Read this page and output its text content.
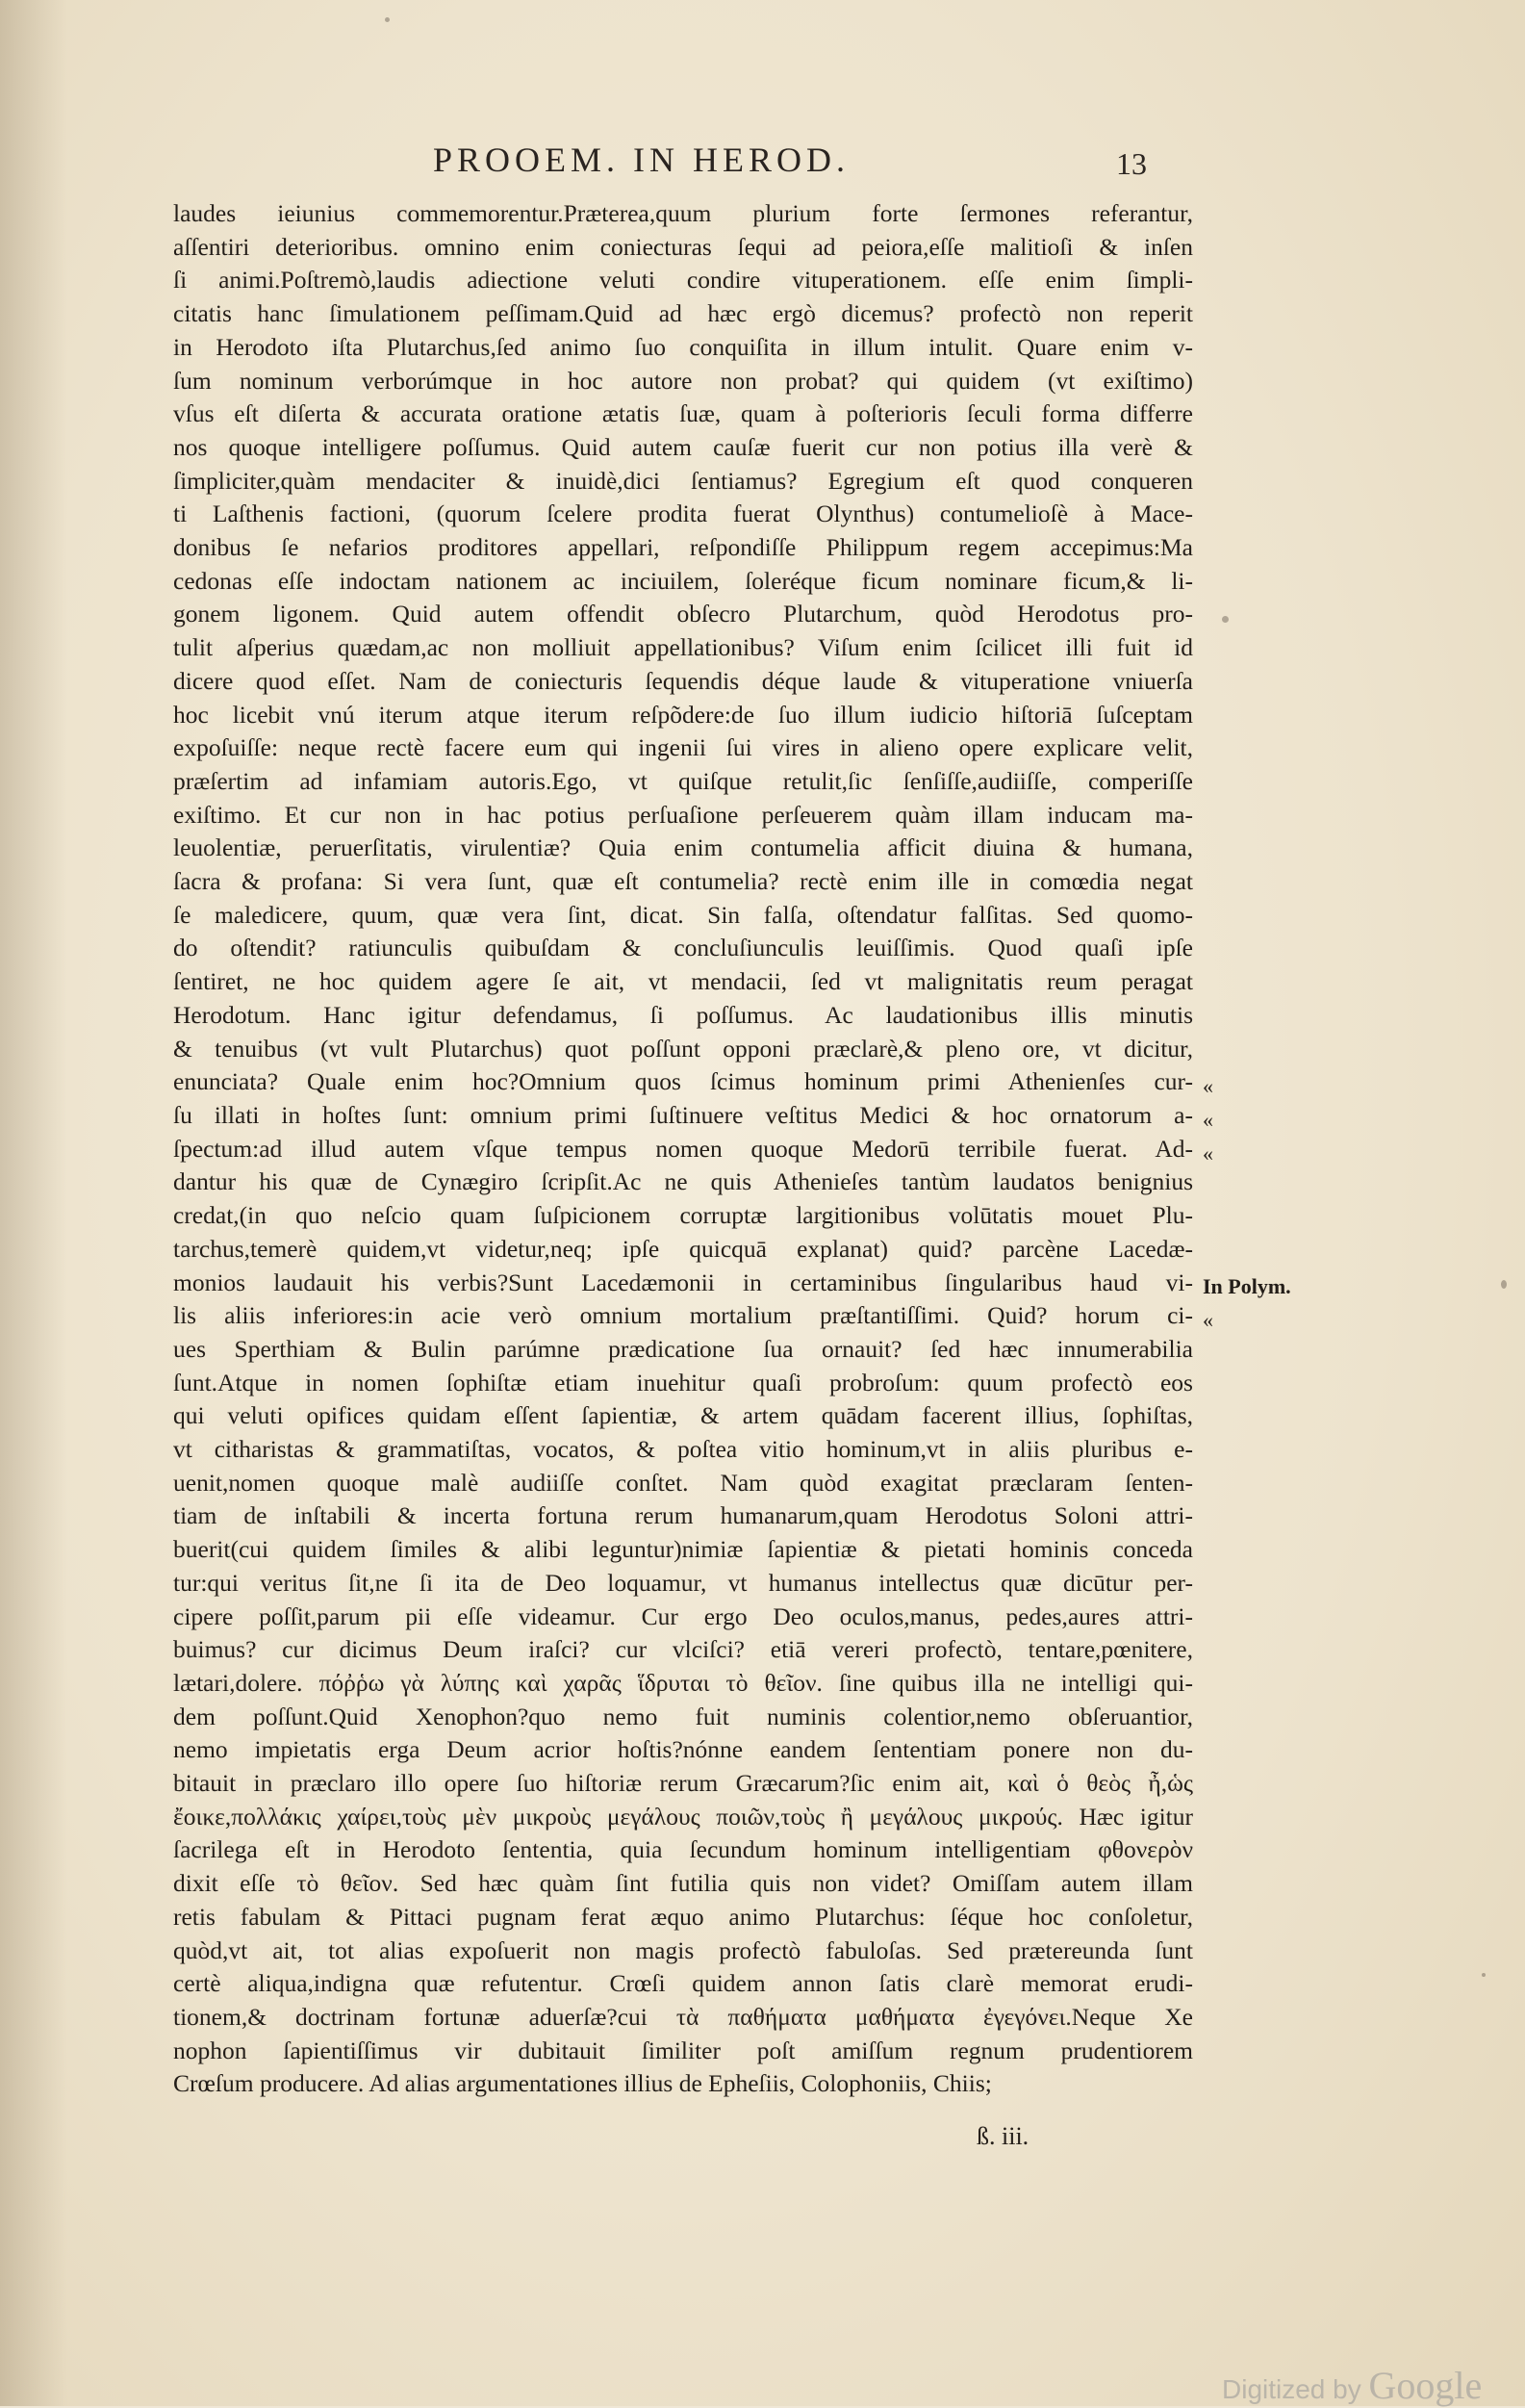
PROOEM. IN HEROD.	13
laudes ieiunius commemorentur.Præterea,quum plurium forte ſermones referantur,
aſſentiri deterioribus. omnino enim coniecturas ſequi ad peiora,eſſe malitioſi & inſen
ſi animi.Poſtremò,laudis adiectione veluti condire vituperationem. eſſe enim ſimpli-
citatis hanc ſimulationem peſſimam.Quid ad hæc ergò dicemus? profectò non reperit
in Herodoto iſta Plutarchus,ſed animo ſuo conquiſita in illum intulit. Quare enim v-
ſum nominum verborúmque in hoc autore non probat? qui quidem (vt exiſtimo)
vſus eſt diſerta & accurata oratione ætatis ſuæ, quam à poſterioris ſeculi forma differre
nos quoque intelligere poſſumus. Quid autem cauſæ fuerit cur non potius illa verè &
ſimpliciter,quàm mendaciter & inuidè,dici ſentiamus? Egregium eſt quod conqueren
ti Laſthenis factioni, (quorum ſcelere prodita fuerat Olynthus) contumelioſè à Mace-
donibus ſe nefarios proditores appellari, reſpondiſſe Philippum regem accepimus:Ma
cedonas eſſe indoctam nationem ac inciuilem, ſoleréque ficum nominare ficum,& li-
gonem ligonem. Quid autem offendit obſecro Plutarchum, quòd Herodotus pro-
tulit aſperius quædam,ac non molliuit appellationibus? Viſum enim ſcilicet illi fuit id
dicere quod eſſet. Nam de coniecturis ſequendis déque laude & vituperatione vniuerſa
hoc licebit vnú iterum atque iterum reſpõdere:de ſuo illum iudicio hiſtoriā ſuſceptam
expoſuiſſe: neque rectè facere eum qui ingenii ſui vires in alieno opere explicare velit,
præſertim ad infamiam autoris.Ego, vt quiſque retulit,ſic ſenſiſſe,audiiſſe, comperiſſe
exiſtimo. Et cur non in hac potius perſuaſione perſeuerem quàm illam inducam ma-
leuolentiæ, peruerſitatis, virulentiæ? Quia enim contumelia afficit diuina & humana,
ſacra & profana: Si vera ſunt, quæ eſt contumelia? rectè enim ille in comœdia negat
ſe maledicere, quum, quæ vera ſint, dicat. Sin falſa, oſtendatur falſitas. Sed quomo-
do oſtendit? ratiunculis quibuſdam & concluſiunculis leuiſſimis. Quod quaſi ipſe
ſentiret, ne hoc quidem agere ſe ait, vt mendacii, ſed vt malignitatis reum peragat
Herodotum. Hanc igitur defendamus, ſi poſſumus. Ac laudationibus illis minutis
& tenuibus (vt vult Plutarchus) quot poſſunt opponi præclarè,& pleno ore, vt dicitur,
enunciata? Quale enim hoc?Omnium quos ſcimus hominum primi Athenienſes cur-
ſu illati in hoſtes ſunt: omnium primi ſuſtinuere veſtitus Medici & hoc ornatorum a-
ſpectum:ad illud autem vſque tempus nomen quoque Medorū terribile fuerat. Ad-
dantur his quæ de Cynægiro ſcripſit.Ac ne quis Athenieſes tantùm laudatos benignius
credat,(in quo neſcio quam ſuſpicionem corruptæ largitionibus volūtatis mouet Plu-
tarchus,temerè quidem,vt videtur,neq; ipſe quicquā explanat) quid? parcène Lacedæ-
monios laudauit his verbis?Sunt Lacedæmonii in certaminibus ſingularibus haud vi-
lis aliis inferiores:in acie verò omnium mortalium præſtantiſſimi. Quid? horum ci-
ues Sperthiam & Bulin parúmne prædicatione ſua ornauit? ſed hæc innumerabilia
ſunt.Atque in nomen ſophiſtæ etiam inuehitur quaſi probroſum: quum profectò eos
qui veluti opifices quidam eſſent ſapientiæ, & artem quādam facerent illius, ſophiſtas,
vt citharistas & grammatiſtas, vocatos, & poſtea vitio hominum,vt in aliis pluribus e-
uenit,nomen quoque malè audiiſſe conſtet. Nam quòd exagitat præclaram ſenten-
tiam de inſtabili & incerta fortuna rerum humanarum,quam Herodotus Soloni attri-
buerit(cui quidem ſimiles & alibi leguntur)nimiæ ſapientiæ & pietati hominis conceda
tur:qui veritus ſit,ne ſi ita de Deo loquamur, vt humanus intellectus quæ dicūtur per-
cipere poſſit,parum pii eſſe videamur. Cur ergo Deo oculos,manus, pedes,aures attri-
buimus? cur dicimus Deum iraſci? cur vlciſci? etiā vereri profectò, tentare,pœnitere,
lætari,dolere. πόῤῥω γὰ λύπης καὶ χαρᾶς ἵδρυται τὸ θεῖον. ſine quibus illa ne intelligi qui-
dem poſſunt.Quid Xenophon?quo nemo fuit numinis colentior,nemo obſeruantior,
nemo impietatis erga Deum acrior hoſtis?nónne eandem ſententiam ponere non du-
bitauit in præclaro illo opere ſuo hiſtoriæ rerum Græcarum?ſic enim ait, καὶ ὁ θεὸς ἦ,ὡς
ἔοικε,πολλάκις χαίρει,τοὺς μὲν μικροὺς μεγάλους ποιῶν,τοὺς ἢ μεγάλους μικρούς. Hæc igitur
ſacrilega eſt in Herodoto ſententia, quia ſecundum hominum intelligentiam φθονερὸν
dixit eſſe τὸ θεῖον. Sed hæc quàm ſint futilia quis non videt? Omiſſam autem illam
retis fabulam & Pittaci pugnam ferat æquo animo Plutarchus: ſéque hoc conſoletur,
quòd,vt ait, tot alias expoſuerit non magis profectò fabuloſas. Sed prætereunda ſunt
certè aliqua,indigna quæ refutentur. Crœſi quidem annon ſatis clarè memorat erudi-
tionem,& doctrinam fortunæ aduerſæ?cui τὰ παθήματα μαθήματα ἐγεγόνει.Neque Xe
nophon ſapientiſſimus vir dubitauit ſimiliter poſt amiſſum regnum prudentiorem
Crœſum producere. Ad alias argumentationes illius de Epheſiis, Colophoniis, Chiis;
«
«
«
In Polym.
«
ß. iii.
Digitized by Google
